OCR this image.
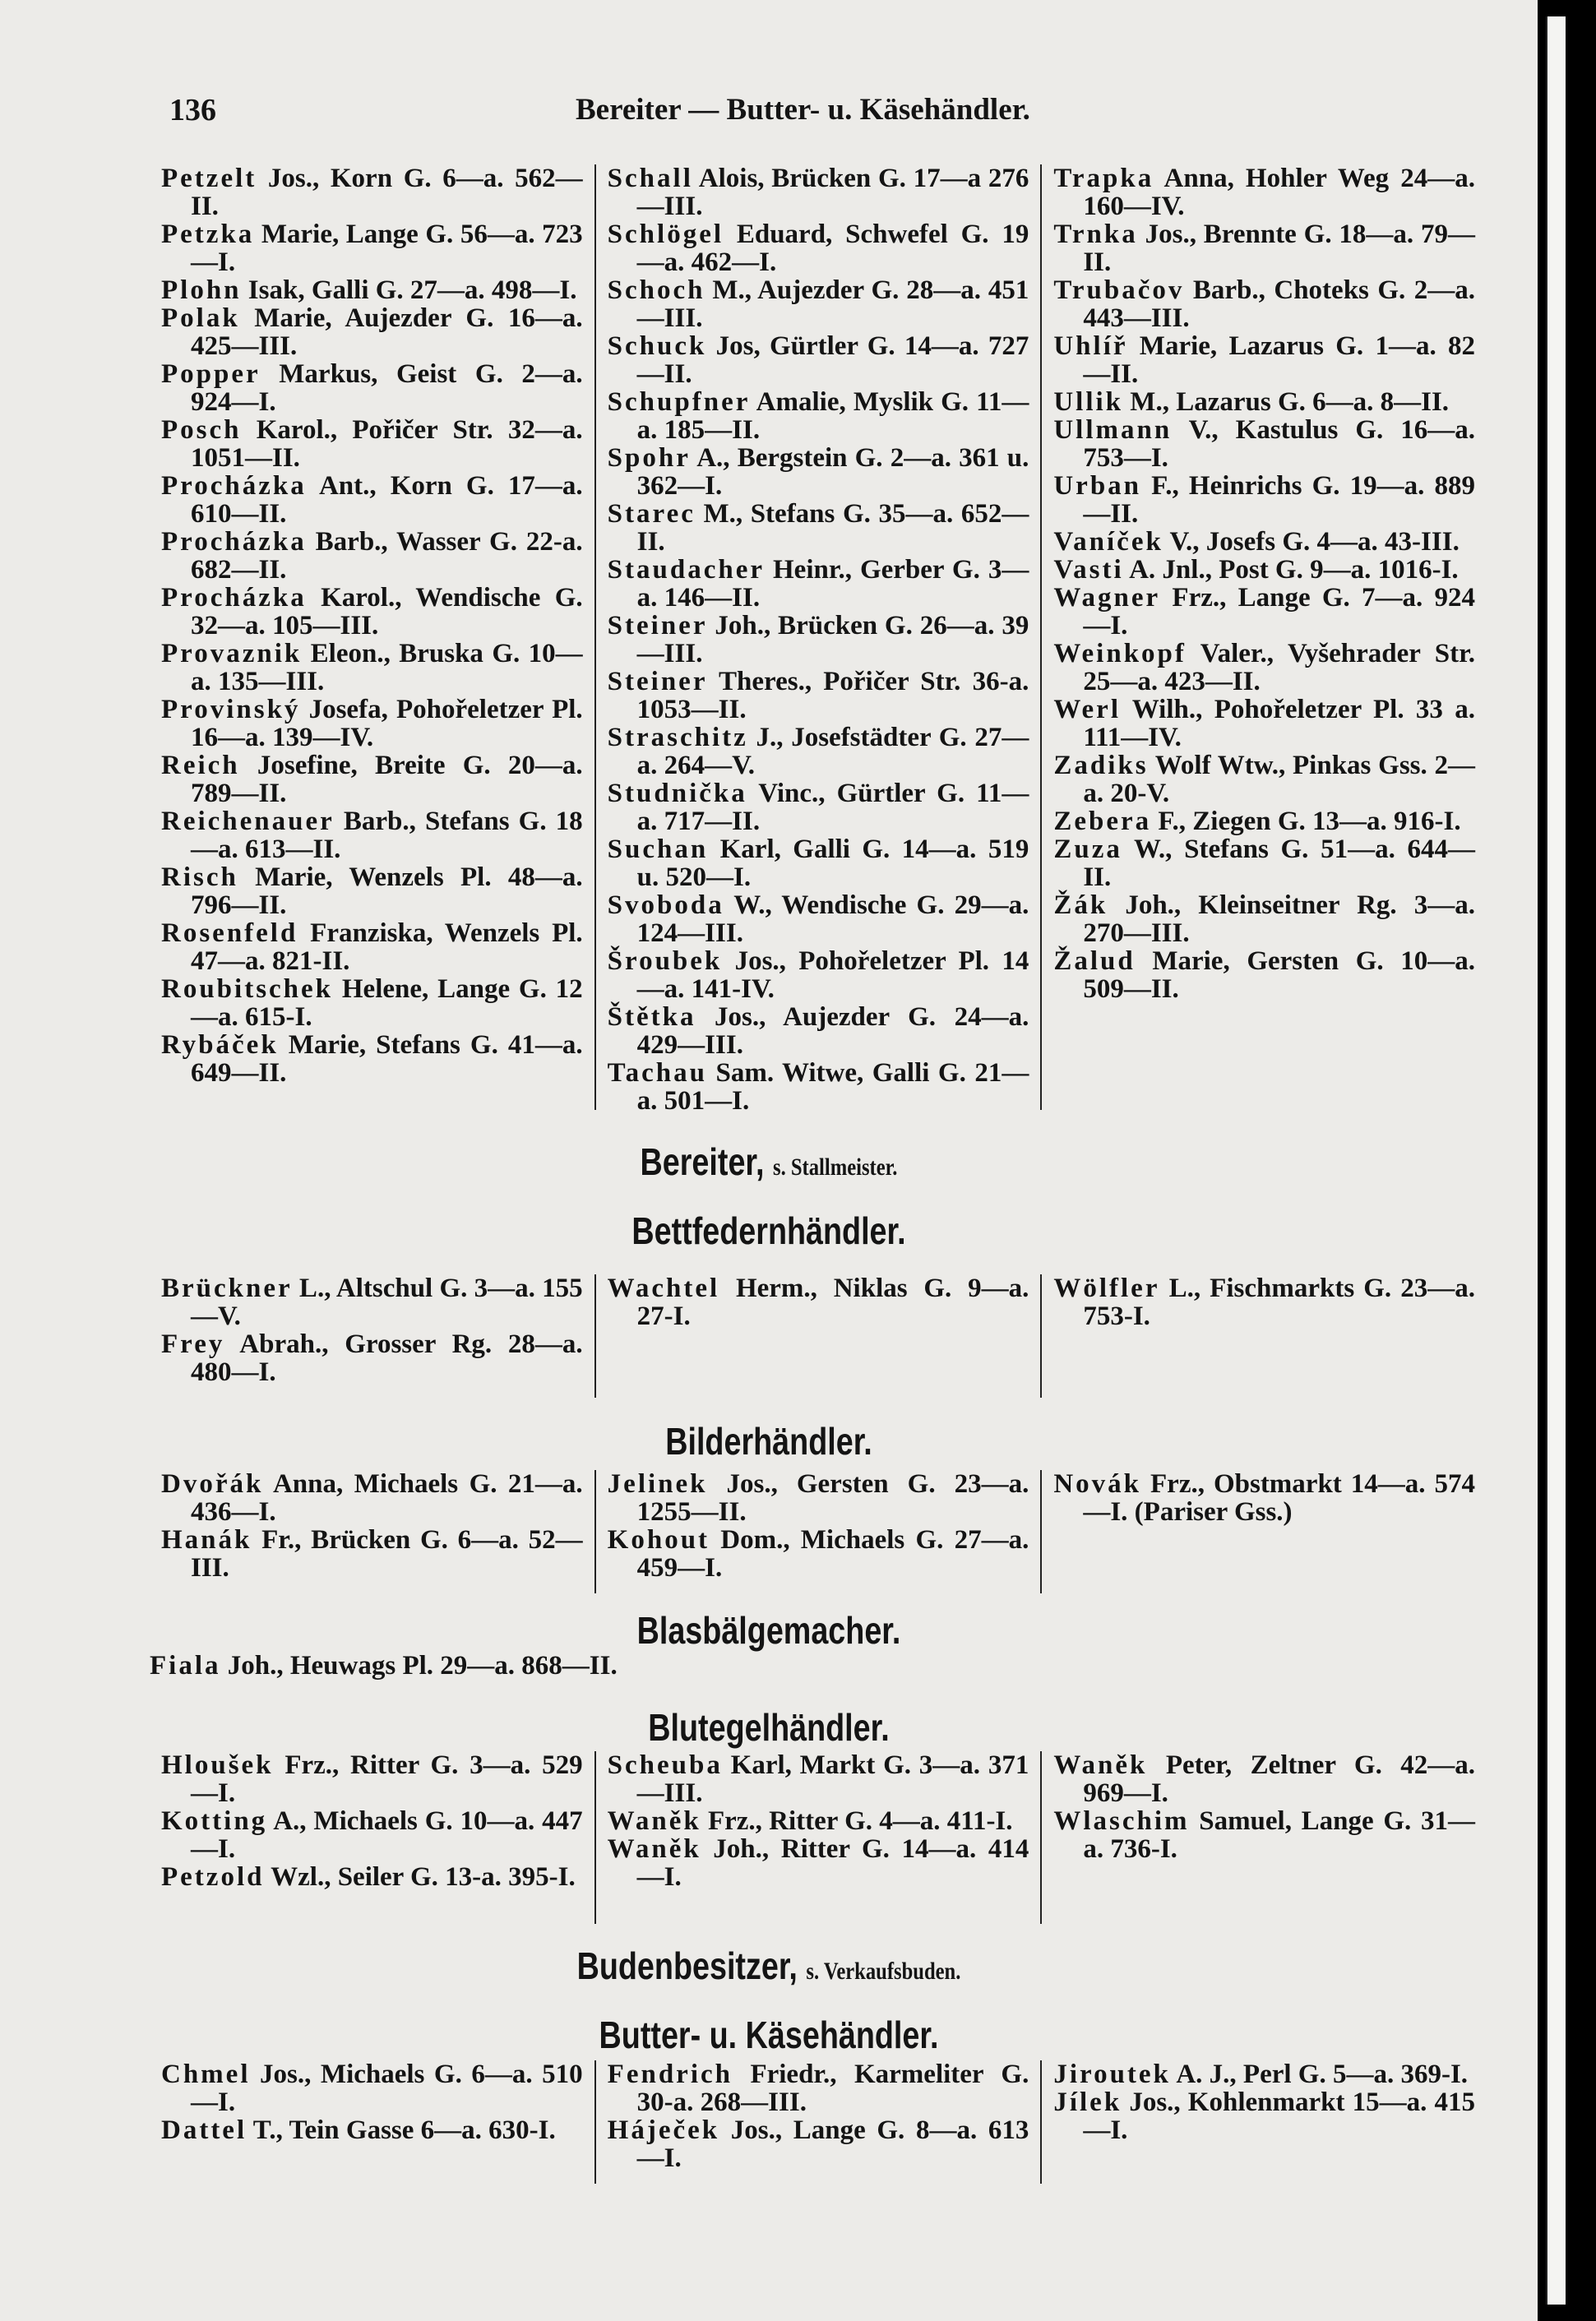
136	Bereiter — Butter- u. Käsehändler.
Petzelt Jos., Korn G. 6—a. 562—II.
Petzka Marie, Lange G. 56—a. 723—I.
Plohn Isak, Galli G. 27—a. 498—I.
Polak Marie, Aujezder G. 16—a. 425—III.
Popper Markus, Geist G. 2—a. 924—I.
Posch Karol., Pořičer Str. 32—a. 1051—II.
Procházka Ant., Korn G. 17—a. 610—II.
Procházka Barb., Wasser G. 22-a. 682—II.
Procházka Karol., Wendische G. 32—a. 105—III.
Provaznik Eleon., Bruska G. 10—a. 135—III.
Provinský Josefa, Pohořeletzer Pl. 16—a. 139—IV.
Reich Josefine, Breite G. 20—a. 789—II.
Reichenauer Barb., Stefans G. 18—a. 613—II.
Risch Marie, Wenzels Pl. 48—a. 796—II.
Rosenfeld Franziska, Wenzels Pl. 47—a. 821-II.
Roubitschek Helene, Lange G. 12—a. 615-I.
Rybáček Marie, Stefans G. 41—a. 649—II.
Schall Alois, Brücken G. 17—a 276—III.
Schlögel Eduard, Schwefel G. 19—a. 462—I.
Schoch M., Aujezder G. 28—a. 451—III.
Schuck Jos, Gürtler G. 14—a. 727—II.
Schupfner Amalie, Myslik G. 11—a. 185—II.
Spohr A., Bergstein G. 2—a. 361 u. 362—I.
Starec M., Stefans G. 35—a. 652—II.
Staudacher Heinr., Gerber G. 3—a. 146—II.
Steiner Joh., Brücken G. 26—a. 39—III.
Steiner Theres., Pořičer Str. 36-a. 1053—II.
Straschitz J., Josefstädter G. 27—a. 264—V.
Studnička Vinc., Gürtler G. 11—a. 717—II.
Suchan Karl, Galli G. 14—a. 519 u. 520—I.
Svoboda W., Wendische G. 29—a. 124—III.
Šroubek Jos., Pohořeletzer Pl. 14—a. 141-IV.
Štětka Jos., Aujezder G. 24—a. 429—III.
Tachau Sam. Witwe, Galli G. 21—a. 501—I.
Trapka Anna, Hohler Weg 24—a. 160—IV.
Trnka Jos., Brennte G. 18—a. 79—II.
Trubačov Barb., Choteks G. 2—a. 443—III.
Uhlíř Marie, Lazarus G. 1—a. 82—II.
Ullik M., Lazarus G. 6—a. 8—II.
Ullmann V., Kastulus G. 16—a. 753—I.
Urban F., Heinrichs G. 19—a. 889—II.
Vaníček V., Josefs G. 4—a. 43-III.
Vasti A. Jnl., Post G. 9—a. 1016-I.
Wagner Frz., Lange G. 7—a. 924—I.
Weinkopf Valer., Vyšehrader Str. 25—a. 423—II.
Werl Wilh., Pohořeletzer Pl. 33 a. 111—IV.
Zadiks Wolf Wtw., Pinkas Gss. 2—a. 20-V.
Zebera F., Ziegen G. 13—a. 916-I.
Zuza W., Stefans G. 51—a. 644—II.
Žák Joh., Kleinseitner Rg. 3—a. 270—III.
Žalud Marie, Gersten G. 10—a. 509—II.
Bereiter, s. Stallmeister.
Bettfedernhändler.
Brückner L., Altschul G. 3—a. 155—V.
Frey Abrah., Grosser Rg. 28—a. 480—I.
Wachtel Herm., Niklas G. 9—a. 27-I.
Wölfler L., Fischmarkts G. 23—a. 753-I.
Bilderhändler.
Dvořák Anna, Michaels G. 21—a. 436—I.
Hanák Fr., Brücken G. 6—a. 52—III.
Jelinek Jos., Gersten G. 23—a. 1255—II.
Kohout Dom., Michaels G. 27—a. 459—I.
Novák Frz., Obstmarkt 14—a. 574—I. (Pariser Gss.)
Blasbälgemacher.
Fiala Joh., Heuwags Pl. 29—a. 868—II.
Blutegelhändler.
Hloušek Frz., Ritter G. 3—a. 529—I.
Kotting A., Michaels G. 10—a. 447—I.
Petzold Wzl., Seiler G. 13-a. 395-I.
Scheuba Karl, Markt G. 3—a. 371—III.
Waněk Frz., Ritter G. 4—a. 411-I.
Waněk Joh., Ritter G. 14—a. 414—I.
Waněk Peter, Zeltner G. 42—a. 969—I.
Wlaschim Samuel, Lange G. 31—a. 736-I.
Budenbesitzer, s. Verkaufsbuden.
Butter- u. Käsehändler.
Chmel Jos., Michaels G. 6—a. 510—I.
Dattel T., Tein Gasse 6—a. 630-I.
Fendrich Friedr., Karmeliter G. 30-a. 268—III.
Háječek Jos., Lange G. 8—a. 613—I.
Jiroutek A. J., Perl G. 5—a. 369-I.
Jílek Jos., Kohlenmarkt 15—a. 415—I.
